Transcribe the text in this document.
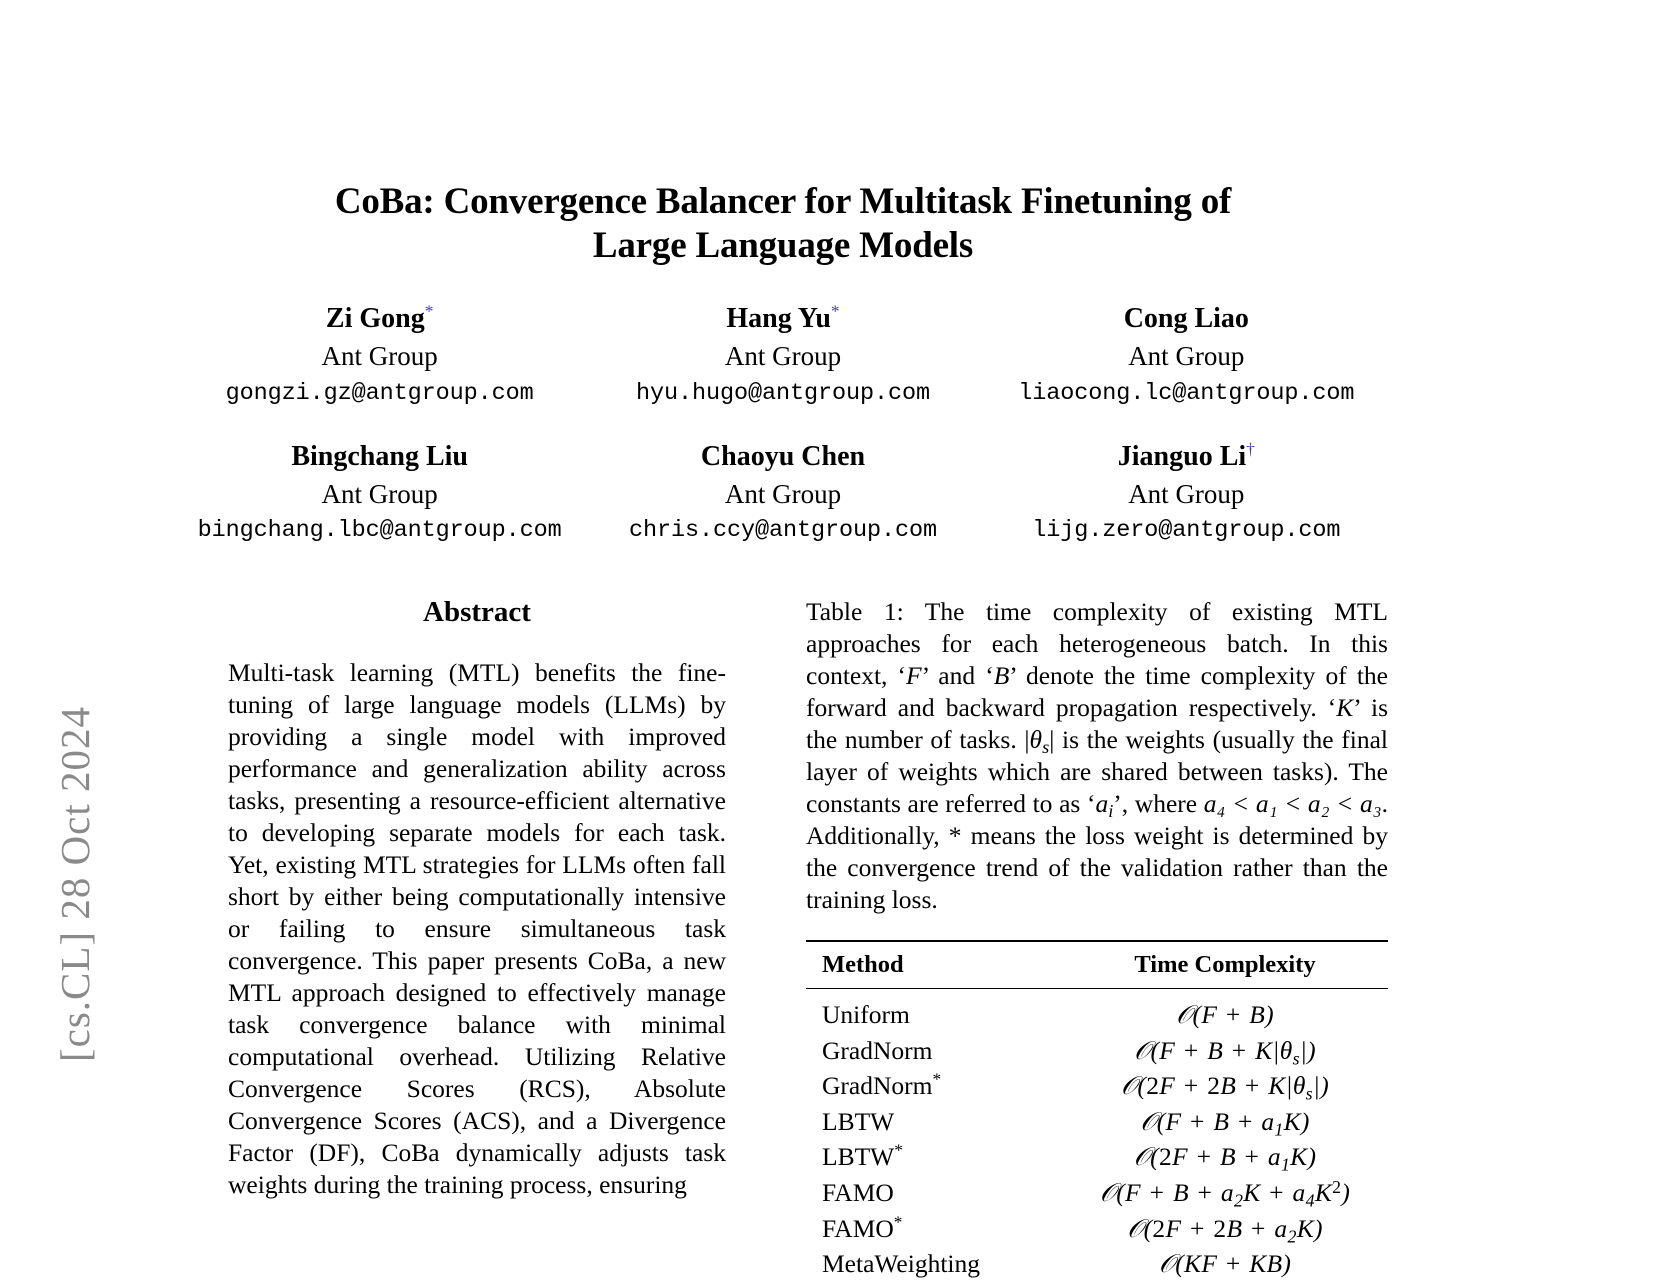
[cs.CL] 28 Oct 2024
CoBa: Convergence Balancer for Multitask Finetuning of
Large Language Models
Zi Gong*
Ant Group
gongzi.gz@antgroup.com
Hang Yu*
Ant Group
hyu.hugo@antgroup.com
Cong Liao
Ant Group
liaocong.lc@antgroup.com
Bingchang Liu
Ant Group
bingchang.lbc@antgroup.com
Chaoyu Chen
Ant Group
chris.ccy@antgroup.com
Jianguo Li†
Ant Group
lijg.zero@antgroup.com
Abstract
Multi-task learning (MTL) benefits the fine-tuning of large language models (LLMs) by providing a single model with improved performance and generalization ability across tasks, presenting a resource-efficient alternative to developing separate models for each task. Yet, existing MTL strategies for LLMs often fall short by either being computationally intensive or failing to ensure simultaneous task convergence. This paper presents CoBa, a new MTL approach designed to effectively manage task convergence balance with minimal computational overhead. Utilizing Relative Convergence Scores (RCS), Absolute Convergence Scores (ACS), and a Divergence Factor (DF), CoBa dynamically adjusts task weights during the training process, ensuring

Table 1: The time complexity of existing MTL approaches for each heterogeneous batch. In this context, ‘F’ and ‘B’ denote the time complexity of the forward and backward propagation respectively. ‘K’ is the number of tasks. $|\theta_s|$ is the weights (usually the final layer of weights which are shared between tasks). The constants are referred to as ‘$a_i$’, where a₄ < a₁ < a₂ < a₃. Additionally, * means the loss weight is determined by the convergence trend of the validation rather than the training loss.

Method	Time Complexity
Uniform	𝒪(F + B)
GradNorm	𝒪(F + $B + K|\theta_s|$)
GradNorm*	𝒪(2F + $2B + K|\theta_s|$)
LBTW	𝒪(F + $B + a_1K$)
LBTW*	𝒪(2F + $B + a_1K$)
FAMO	𝒪(F + $B + a_2K + a_4K^2$)
FAMO*	𝒪(2F + $2B + a_2K$)
MetaWeighting	𝒪(KF + KB)
